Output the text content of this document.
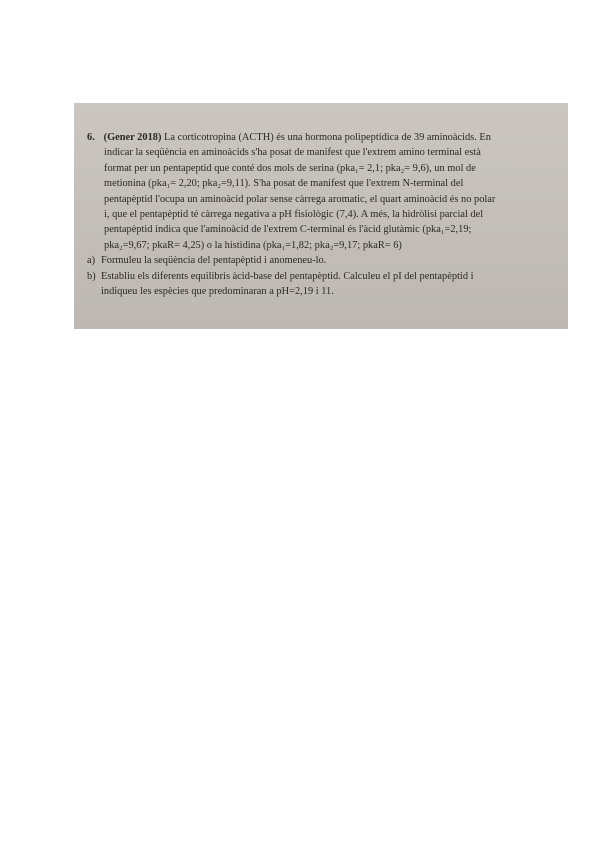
6. (Gener 2018) La corticotropina (ACTH) és una hormona polipeptídica de 39 aminoàcids. En
indicar la seqüència en aminoàcids s'ha posat de manifest que l'extrem amino terminal està
format per un pentapeptid que conté dos mols de serina (pka₁= 2,1; pka₂= 9,6), un mol de
metionina (pka₁= 2,20; pka₂=9,11). S'ha posat de manifest que l'extrem N-terminal del
pentapèptid l'ocupa un aminoàcid polar sense càrrega aromatic, el quart aminoàcid és no polar
i, que el pentapèptid té càrrega negativa a pH fisiològic (7,4). A més, la hidròlisi parcial del
pentapèptid indica que l'aminoàcid de l'extrem C-terminal és l'àcid glutàmic (pka₁=2,19;
pka₂=9,67; pkaR= 4,25) o la histidina (pka₁=1,82; pka₂=9,17; pkaR= 6)
a) Formuleu la seqüència del pentapèptid i anomeneu-lo.
b) Establiu els diferents equilibris àcid-base del pentapèptid. Calculeu el pI del pentapèptid i
indiqueu les espècies que predominaran a pH=2,19 i 11.
